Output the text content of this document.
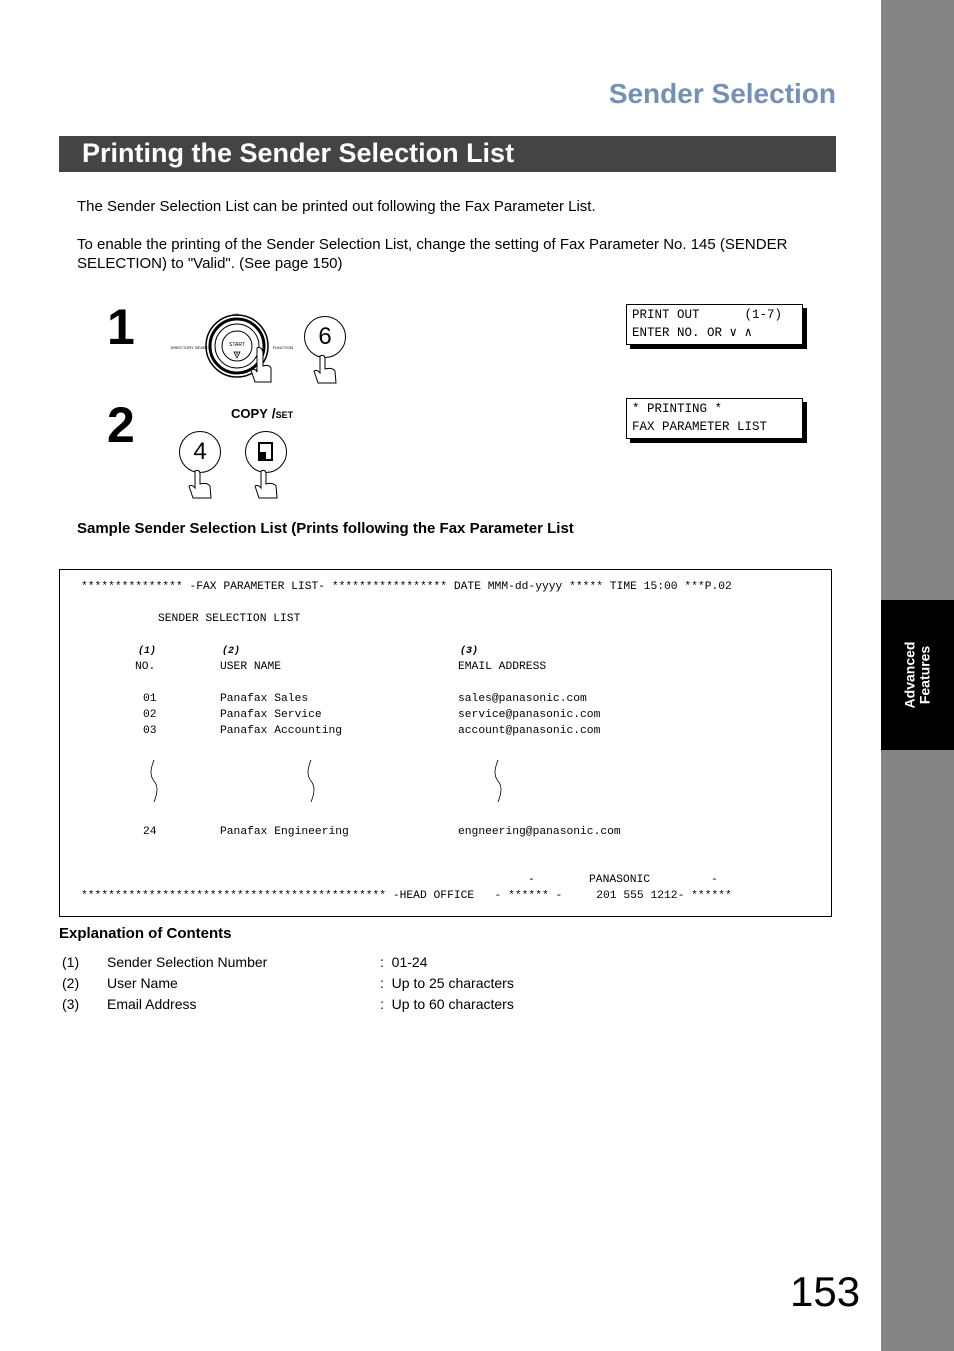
Advanced Features
Sender Selection
Printing the Sender Selection List
The Sender Selection List can be printed out following the Fax Parameter List.
To enable the printing of the Sender Selection List, change the setting of Fax Parameter No. 145 (SENDER SELECTION) to "Valid". (See page 150)
1	VOL.
DIRECTORY SEARCH	START	FUNCTION	6
PRINT OUT      (1-7)
ENTER NO. OR ∨ ∧
2	COPY /SET
4
* PRINTING *
FAX PARAMETER LIST
Sample Sender Selection List (Prints following the Fax Parameter List
*************** -FAX PARAMETER LIST- ***************** DATE MMM-dd-yyyy ***** TIME 15:00 ***P.02
SENDER SELECTION LIST
(1)	(2)	(3)
NO.	USER NAME	EMAIL ADDRESS
01	Panafax Sales	sales@panasonic.com
02	Panafax Service	service@panasonic.com
03	Panafax Accounting	account@panasonic.com
24	Panafax Engineering	engneering@panasonic.com
-        PANASONIC         -
********************************************* -HEAD OFFICE   - ****** -     201 555 1212- ******
Explanation of Contents
(1) Sender Selection Number	:  01-24
(2) User Name	:  Up to 25 characters
(3) Email Address	:  Up to 60 characters
153
